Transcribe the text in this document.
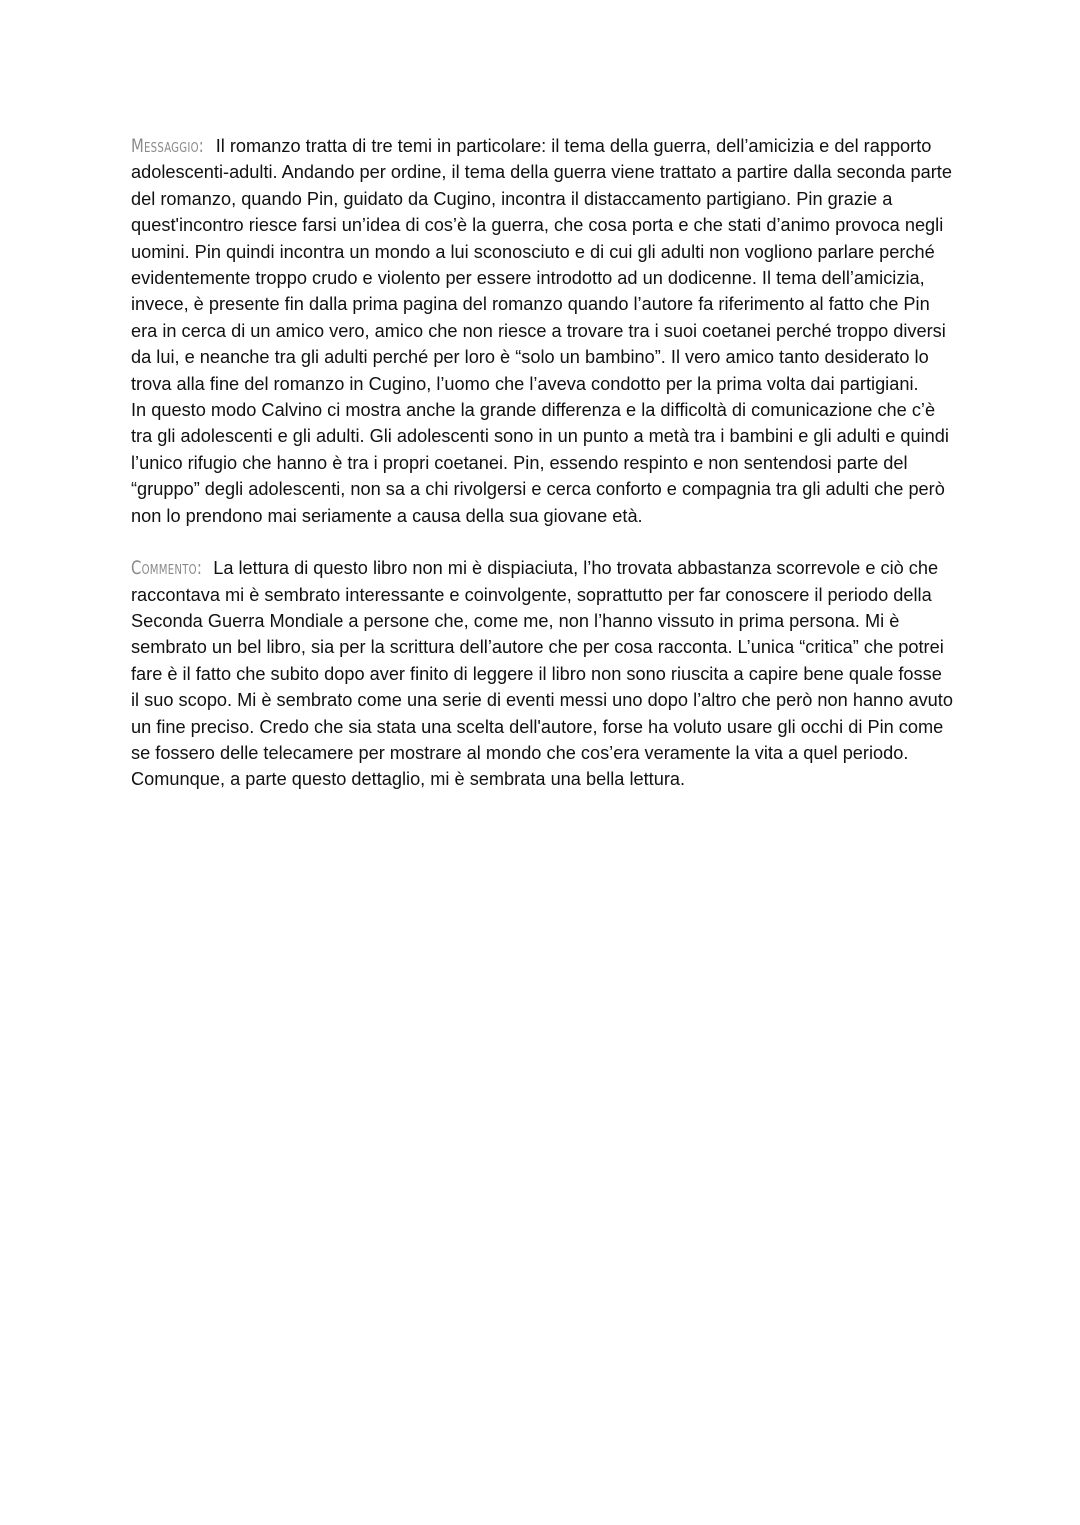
Messaggio: Il romanzo tratta di tre temi in particolare: il tema della guerra, dell’amicizia e del rapporto adolescenti-adulti. Andando per ordine, il tema della guerra viene trattato a partire dalla seconda parte del romanzo, quando Pin, guidato da Cugino, incontra il distaccamento partigiano. Pin grazie a quest'incontro riesce farsi un’idea di cos’è la guerra, che cosa porta e che stati d’animo provoca negli uomini. Pin quindi incontra un mondo a lui sconosciuto e di cui gli adulti non vogliono parlare perché evidentemente troppo crudo e violento per essere introdotto ad un dodicenne. Il tema dell’amicizia, invece, è presente fin dalla prima pagina del romanzo quando l’autore fa riferimento al fatto che Pin era in cerca di un amico vero, amico che non riesce a trovare tra i suoi coetanei perché troppo diversi da lui, e neanche tra gli adulti perché per loro è “solo un bambino”. Il vero amico tanto desiderato lo trova alla fine del romanzo in Cugino, l’uomo che l’aveva condotto per la prima volta dai partigiani.

In questo modo Calvino ci mostra anche la grande differenza e la difficoltà di comunicazione che c’è tra gli adolescenti e gli adulti. Gli adolescenti sono in un punto a metà tra i bambini e gli adulti e quindi l’unico rifugio che hanno è tra i propri coetanei. Pin, essendo respinto e non sentendosi parte del “gruppo” degli adolescenti, non sa a chi rivolgersi e cerca conforto e compagnia tra gli adulti che però non lo prendono mai seriamente a causa della sua giovane età.

Commento: La lettura di questo libro non mi è dispiaciuta, l’ho trovata abbastanza scorrevole e ciò che raccontava mi è sembrato interessante e coinvolgente, soprattutto per far conoscere il periodo della Seconda Guerra Mondiale a persone che, come me, non l’hanno vissuto in prima persona. Mi è sembrato un bel libro, sia per la scrittura dell’autore che per cosa racconta. L’unica “critica” che potrei fare è il fatto che subito dopo aver finito di leggere il libro non sono riuscita a capire bene quale fosse il suo scopo. Mi è sembrato come una serie di eventi messi uno dopo l’altro che però non hanno avuto un fine preciso. Credo che sia stata una scelta dell'autore, forse ha voluto usare gli occhi di Pin come se fossero delle telecamere per mostrare al mondo che cos’era veramente la vita a quel periodo. Comunque, a parte questo dettaglio, mi è sembrata una bella lettura.
